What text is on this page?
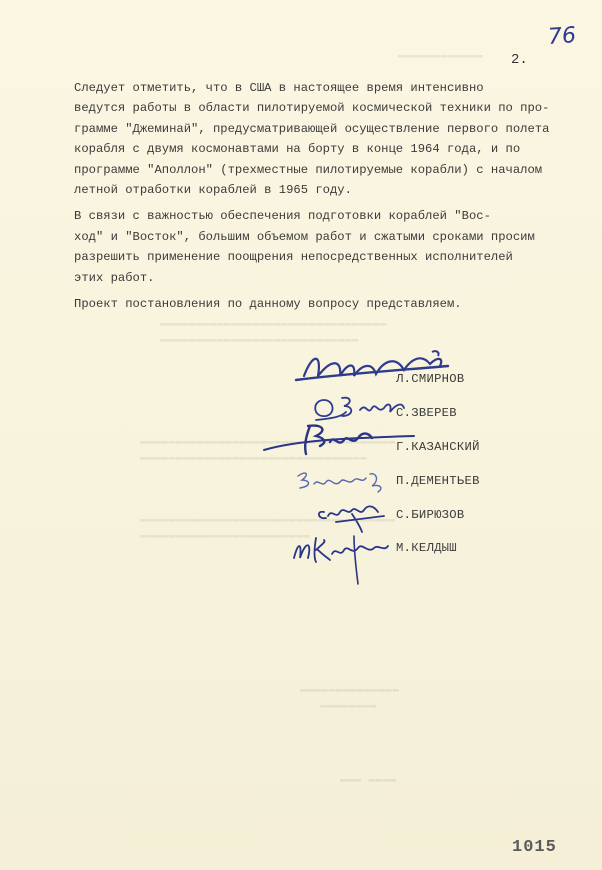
▬▬▬▬▬▬▬▬▬▬▬▬
▬▬▬▬▬▬▬▬▬▬▬▬▬▬▬▬▬▬▬▬▬▬▬▬▬▬▬▬▬▬▬▬
▬▬▬▬▬▬▬▬▬▬▬▬▬▬▬▬▬▬▬▬▬▬▬▬▬▬▬▬
▬▬▬▬▬▬▬▬▬▬▬▬▬▬▬▬▬▬▬▬▬▬▬▬▬▬▬▬▬▬▬▬▬▬▬▬
▬▬▬▬▬▬▬▬▬▬▬▬▬▬▬▬▬▬▬▬▬▬▬▬▬▬▬▬▬▬▬▬
▬▬▬▬▬▬▬▬▬▬▬▬▬▬▬▬▬▬▬▬▬▬▬▬▬▬▬▬▬▬▬▬▬▬▬▬
▬▬▬▬▬▬▬▬▬▬▬▬▬▬▬▬▬▬▬▬▬▬▬▬
▬▬▬▬▬▬▬▬▬▬▬▬▬▬
▬▬▬▬▬▬▬▬
▬▬▬ ▬▬▬▬
76
2.

Следует отметить, что в США в настоящее время интенсивно
ведутся работы в области пилотируемой космической техники по про-
грамме "Джеминай", предусматривающей осуществление первого полета
корабля с двумя космонавтами на борту в конце 1964 года, и по
программе "Аполлон" (трехместные пилотируемые корабли) с началом
летной отработки кораблей в 1965 году.

В связи с важностью обеспечения подготовки кораблей "Вос-
ход" и "Восток", большим объемом работ и сжатыми сроками просим
разрешить применение поощрения непосредственных исполнителей
этих работ.

Проект постановления по данному вопросу представляем.

Л.СМИРНОВ
С.ЗВЕРЕВ
Г.КАЗАНСКИЙ
П.ДЕМЕНТЬЕВ
С.БИРЮЗОВ
М.КЕЛДЫШ
1015
